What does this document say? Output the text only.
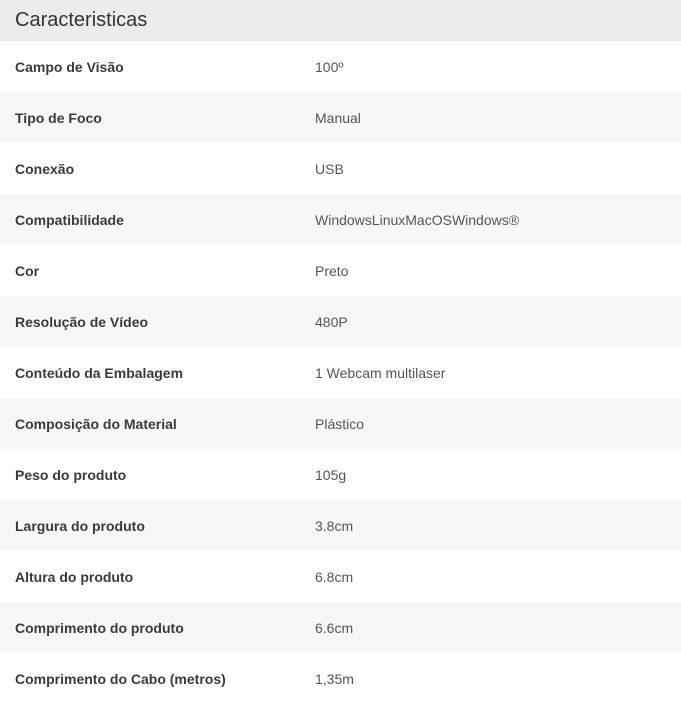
Caracteristicas
Campo de Visão	100º
Tipo de Foco	Manual
Conexão	USB
Compatibilidade	WindowsLinuxMacOSWindows®
Cor	Preto
Resolução de Vídeo	480P
Conteúdo da Embalagem	1 Webcam multilaser
Composição do Material	Plástico
Peso do produto	105g
Largura do produto	3.8cm
Altura do produto	6.8cm
Comprimento do produto	6.6cm
Comprimento do Cabo (metros)	1,35m
